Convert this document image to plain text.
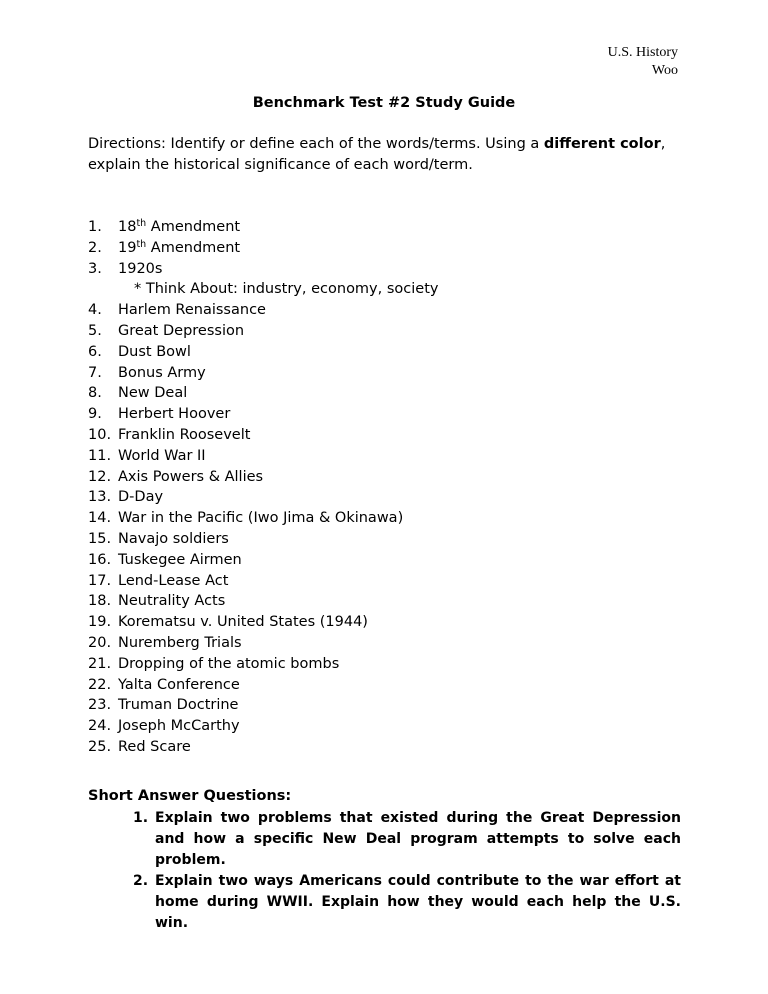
U.S. History
Woo
Benchmark Test #2 Study Guide
Directions: Identify or define each of the words/terms. Using a different color, explain the historical significance of each word/term.
1. 18th Amendment
2. 19th Amendment
3. 1920s
* Think About: industry, economy, society
4. Harlem Renaissance
5. Great Depression
6. Dust Bowl
7. Bonus Army
8. New Deal
9. Herbert Hoover
10. Franklin Roosevelt
11. World War II
12. Axis Powers & Allies
13. D-Day
14. War in the Pacific (Iwo Jima & Okinawa)
15. Navajo soldiers
16. Tuskegee Airmen
17. Lend-Lease Act
18. Neutrality Acts
19. Korematsu v. United States (1944)
20. Nuremberg Trials
21. Dropping of the atomic bombs
22. Yalta Conference
23. Truman Doctrine
24. Joseph McCarthy
25. Red Scare
Short Answer Questions:
1. Explain two problems that existed during the Great Depression and how a specific New Deal program attempts to solve each problem.
2. Explain two ways Americans could contribute to the war effort at home during WWII. Explain how they would each help the U.S. win.
